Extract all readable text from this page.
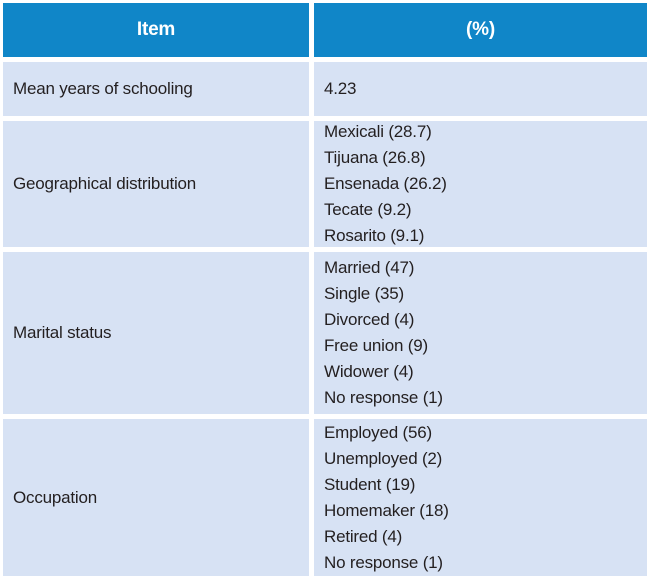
Item	(%)
Mean years of schooling	4.23
Geographical distribution
Mexicali (28.7)
Tijuana (26.8)
Ensenada (26.2)
Tecate (9.2)
Rosarito (9.1)
Marital status
Married (47)
Single (35)
Divorced (4)
Free union (9)
Widower (4)
No response (1)
Occupation
Employed (56)
Unemployed (2)
Student (19)
Homemaker (18)
Retired (4)
No response (1)
